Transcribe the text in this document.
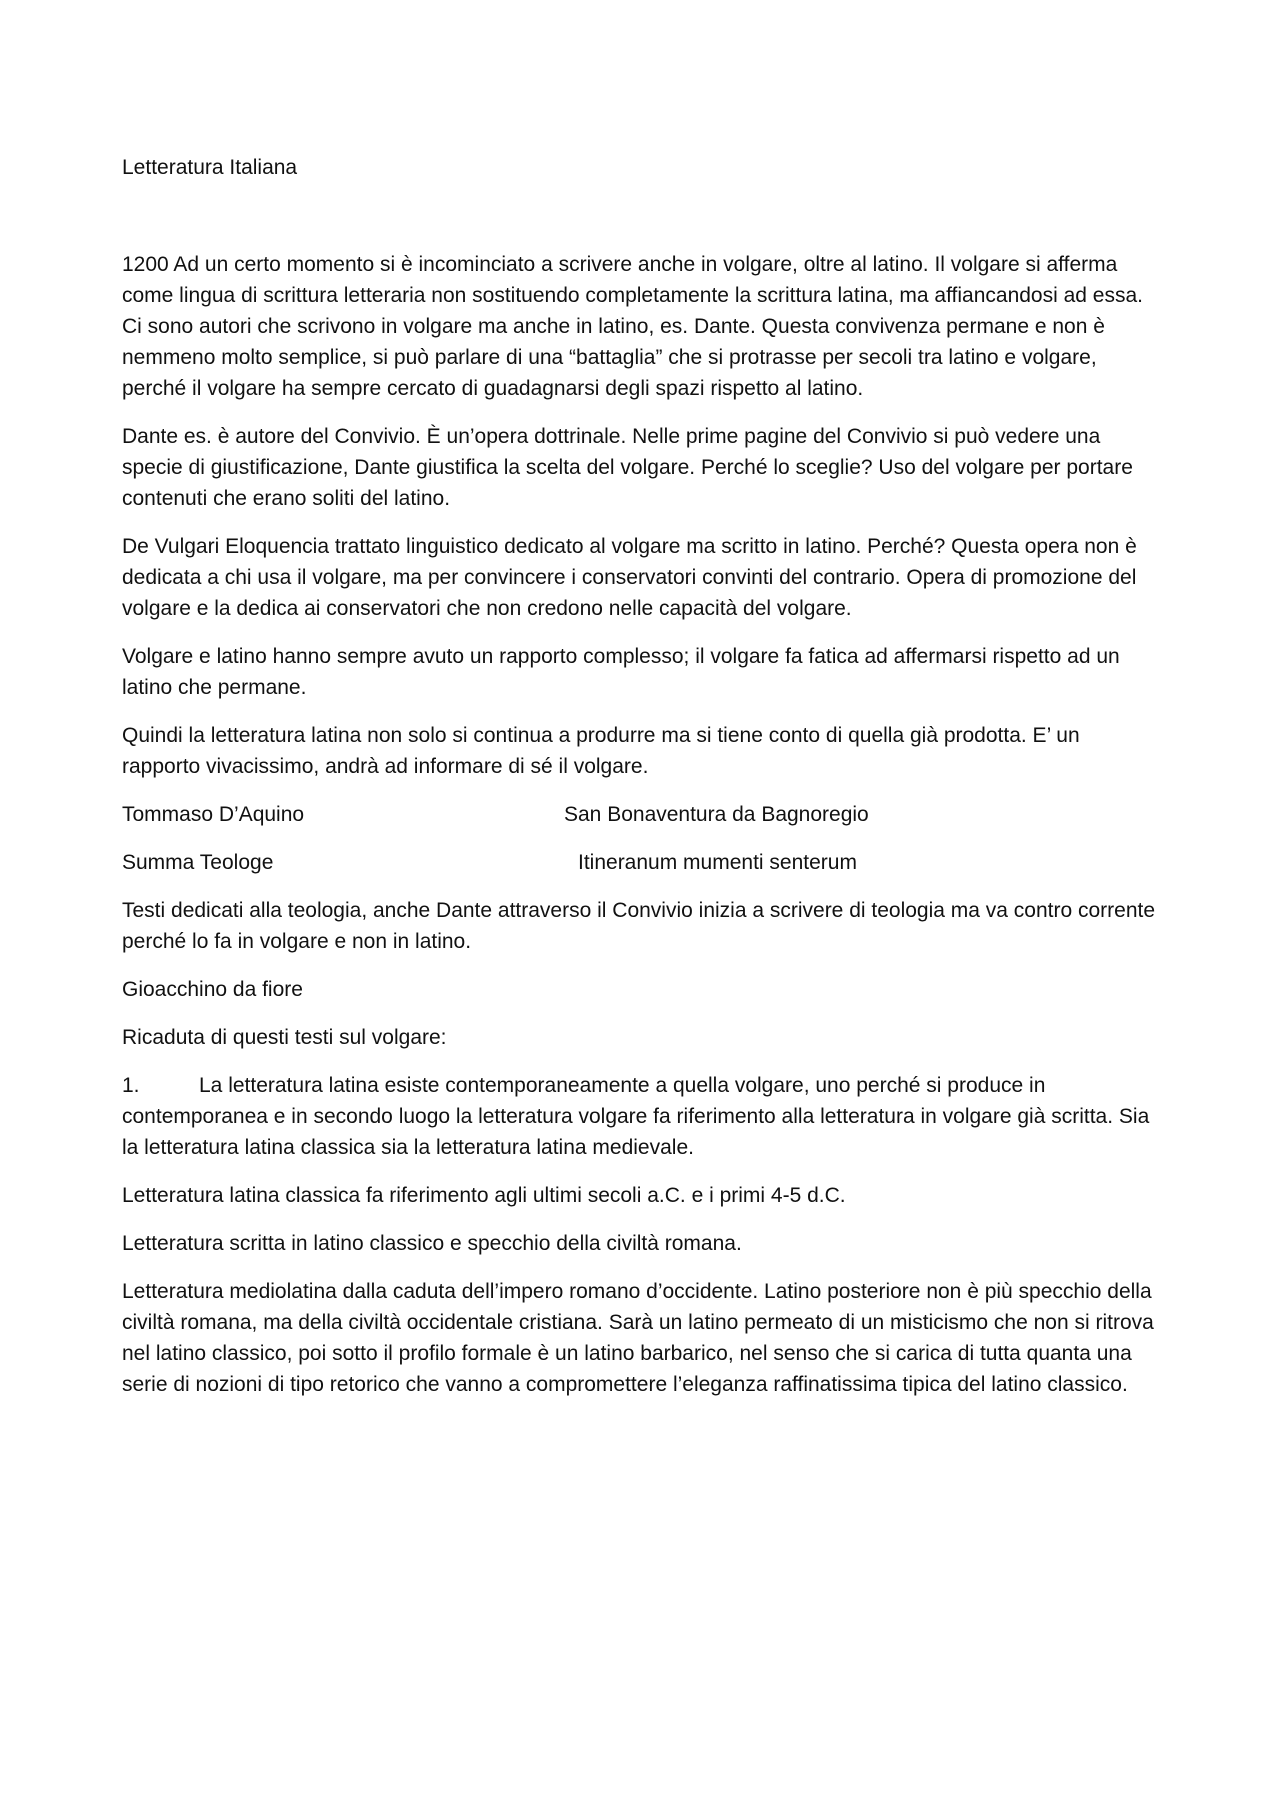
Letteratura Italiana

1200 Ad un certo momento si è incominciato a scrivere anche in volgare, oltre al latino. Il volgare si afferma come lingua di scrittura letteraria non sostituendo completamente la scrittura latina, ma affiancandosi ad essa. Ci sono autori che scrivono in volgare ma anche in latino, es. Dante. Questa convivenza permane e non è nemmeno molto semplice, si può parlare di una “battaglia” che si protrasse per secoli tra latino e volgare, perché il volgare ha sempre cercato di guadagnarsi degli spazi rispetto al latino.

Dante es. è autore del Convivio. È un’opera dottrinale. Nelle prime pagine del Convivio si può vedere una specie di giustificazione, Dante giustifica la scelta del volgare. Perché lo sceglie? Uso del volgare per portare contenuti che erano soliti del latino.

De Vulgari Eloquencia trattato linguistico dedicato al volgare ma scritto in latino. Perché? Questa opera non è dedicata a chi usa il volgare, ma per convincere i conservatori convinti del contrario. Opera di promozione del volgare e la dedica ai conservatori che non credono nelle capacità del volgare.

Volgare e latino hanno sempre avuto un rapporto complesso; il volgare fa fatica ad affermarsi rispetto ad un latino che permane.

Quindi la letteratura latina non solo si continua a produrre ma si tiene conto di quella già prodotta. E’ un rapporto vivacissimo, andrà ad informare di sé il volgare.

Tommaso D’Aquino	San Bonaventura da Bagnoregio
Summa Teologe	Itineranum mumenti senterum

Testi dedicati alla teologia, anche Dante attraverso il Convivio inizia a scrivere di teologia ma va contro corrente perché lo fa in volgare e non in latino.

Gioacchino da fiore

Ricaduta di questi testi sul volgare:

1.	La letteratura latina esiste contemporaneamente a quella volgare, uno perché si produce in contemporanea e in secondo luogo la letteratura volgare fa riferimento alla letteratura in volgare già scritta. Sia la letteratura latina classica sia la letteratura latina medievale.

Letteratura latina classica fa riferimento agli ultimi secoli a.C. e i primi 4-5 d.C.

Letteratura scritta in latino classico e specchio della civiltà romana.

Letteratura mediolatina dalla caduta dell’impero romano d’occidente. Latino posteriore non è più specchio della civiltà romana, ma della civiltà occidentale cristiana. Sarà un latino permeato di un misticismo che non si ritrova nel latino classico, poi sotto il profilo formale è un latino barbarico, nel senso che si carica di tutta quanta una serie di nozioni di tipo retorico che vanno a compromettere l’eleganza raffinatissima tipica del latino classico.
